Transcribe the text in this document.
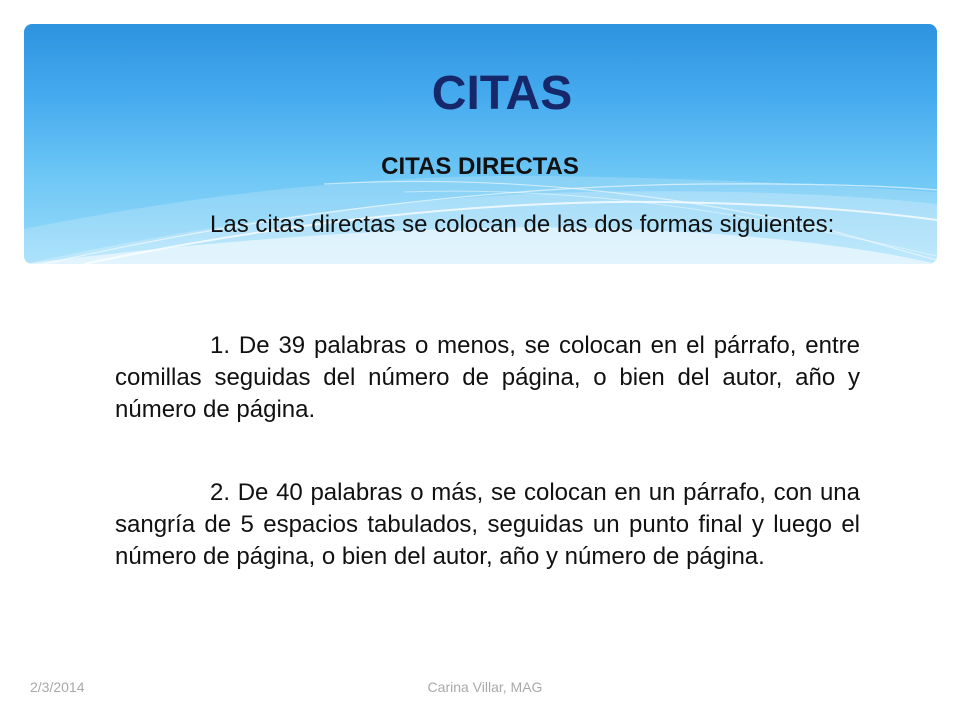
CITAS
CITAS DIRECTAS

Las citas directas se colocan de las dos formas siguientes:

1. De 39 palabras o menos, se colocan en el párrafo, entre comillas seguidas del número de página, o bien del autor, año y número de página.

2. De 40 palabras o más, se colocan en un párrafo, con una sangría de 5 espacios tabulados, seguidas un punto final y luego el número de página, o bien del autor, año y número de página.

2/3/2014	Carina Villar, MAG
